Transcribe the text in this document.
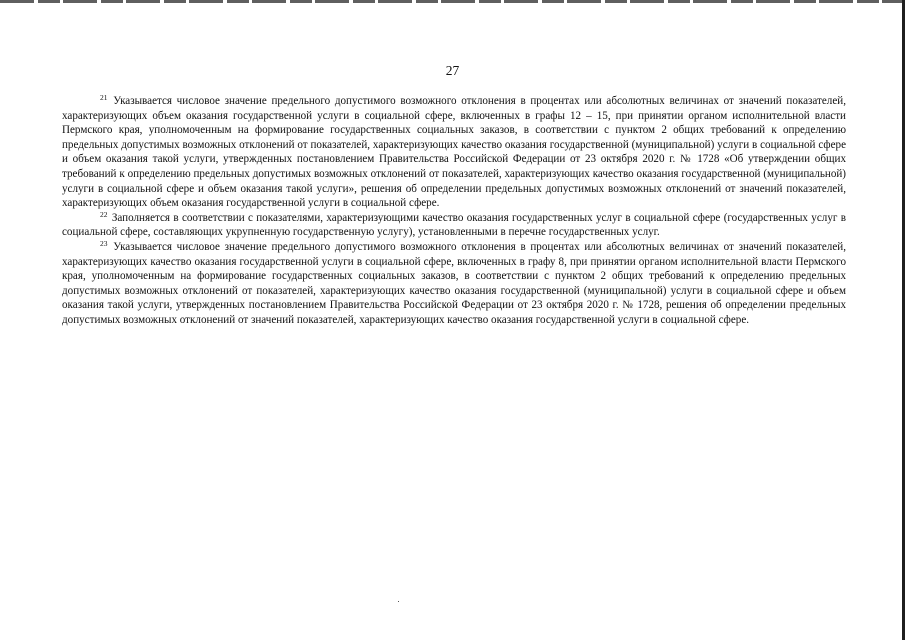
27

$^{21}$ Указывается числовое значение предельного допустимого возможного отклонения в процентах или абсолютных величинах от значений показателей, характеризующих объем оказания государственной услуги в социальной сфере, включенных в графы 12 – 15, при принятии органом исполнительной власти Пермского края, уполномоченным на формирование государственных социальных заказов, в соответствии с пунктом 2 общих требований к определению предельных допустимых возможных отклонений от показателей, характеризующих качество оказания государственной (муниципальной) услуги в социальной сфере и объем оказания такой услуги, утвержденных постановлением Правительства Российской Федерации от 23 октября 2020 г. № 1728 «Об утверждении общих требований к определению предельных допустимых возможных отклонений от показателей, характеризующих качество оказания государственной (муниципальной) услуги в социальной сфере и объем оказания такой услуги», решения об определении предельных допустимых возможных отклонений от значений показателей, характеризующих объем оказания государственной услуги в социальной сфере.

$^{22}$ Заполняется в соответствии с показателями, характеризующими качество оказания государственных услуг в социальной сфере (государственных услуг в социальной сфере, составляющих укрупненную государственную услугу), установленными в перечне государственных услуг.

$^{23}$ Указывается числовое значение предельного допустимого возможного отклонения в процентах или абсолютных величинах от значений показателей, характеризующих качество оказания государственной услуги в социальной сфере, включенных в графу 8, при принятии органом исполнительной власти Пермского края, уполномоченным на формирование государственных социальных заказов, в соответствии с пунктом 2 общих требований к определению предельных допустимых возможных отклонений от показателей, характеризующих качество оказания государственной (муниципальной) услуги в социальной сфере и объем оказания такой услуги, утвержденных постановлением Правительства Российской Федерации от 23 октября 2020 г. № 1728, решения об определении предельных допустимых возможных отклонений от значений показателей, характеризующих качество оказания государственной услуги в социальной сфере.
